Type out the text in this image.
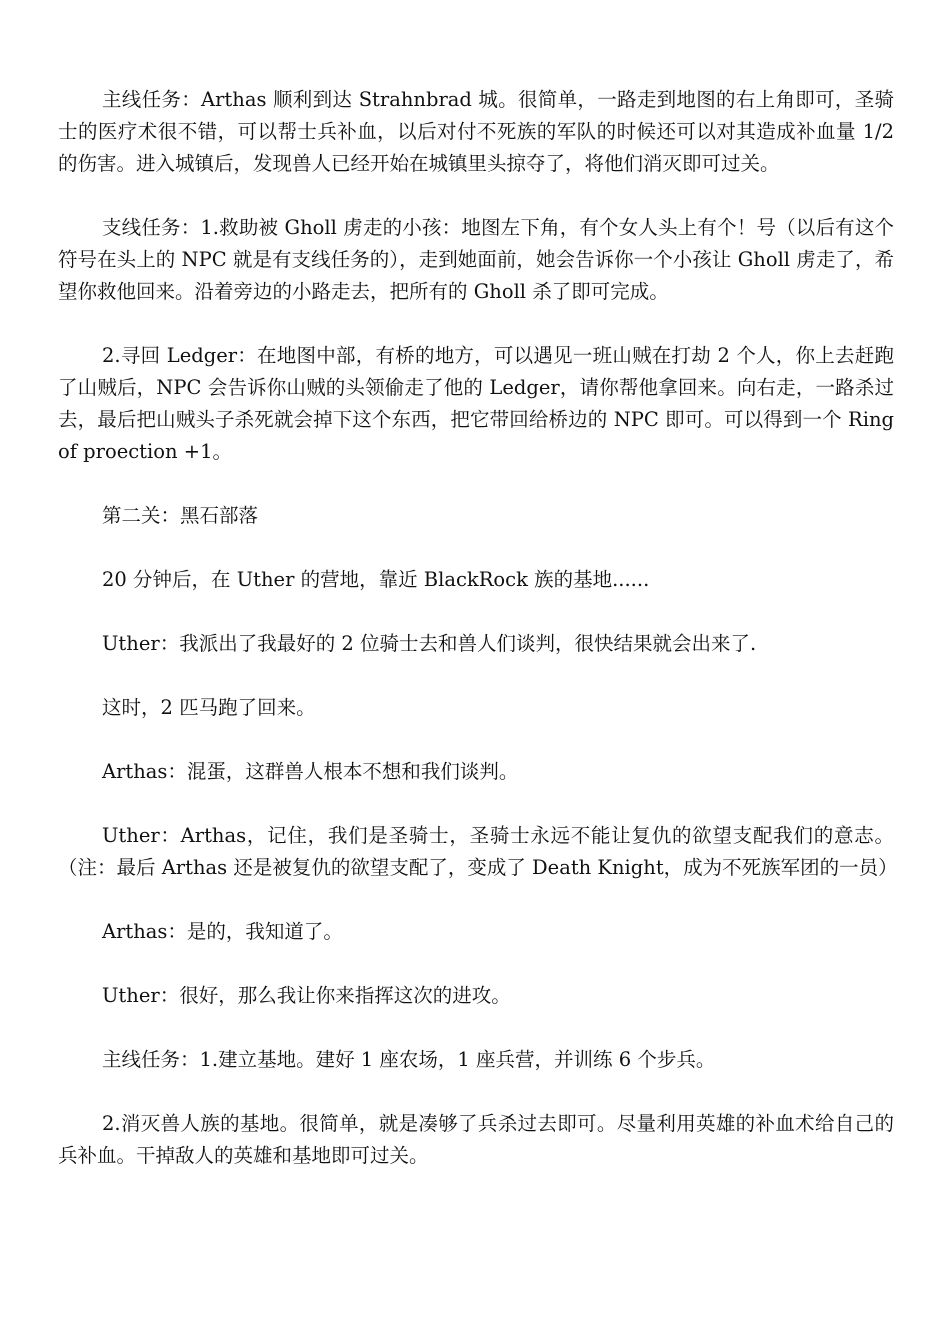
主线任务：Arthas 顺利到达 Strahnbrad 城。很简单，一路走到地图的右上角即可，圣骑士的医疗术很不错，可以帮士兵补血，以后对付不死族的军队的时候还可以对其造成补血量 1/2 的伤害。进入城镇后，发现兽人已经开始在城镇里头掠夺了，将他们消灭即可过关。

支线任务：1.救助被 Gholl 虏走的小孩：地图左下角，有个女人头上有个！号（以后有这个符号在头上的 NPC 就是有支线任务的），走到她面前，她会告诉你一个小孩让 Gholl 虏走了，希望你救他回来。沿着旁边的小路走去，把所有的 Gholl 杀了即可完成。

2.寻回 Ledger：在地图中部，有桥的地方，可以遇见一班山贼在打劫 2 个人，你上去赶跑了山贼后，NPC 会告诉你山贼的头领偷走了他的 Ledger，请你帮他拿回来。向右走，一路杀过去，最后把山贼头子杀死就会掉下这个东西，把它带回给桥边的 NPC 即可。可以得到一个 Ring of proection +1。

第二关：黑石部落

20 分钟后，在 Uther 的营地，靠近 BlackRock 族的基地......

Uther：我派出了我最好的 2 位骑士去和兽人们谈判，很快结果就会出来了.

这时，2 匹马跑了回来。

Arthas：混蛋，这群兽人根本不想和我们谈判。

Uther：Arthas，记住，我们是圣骑士，圣骑士永远不能让复仇的欲望支配我们的意志。（注：最后 Arthas 还是被复仇的欲望支配了，变成了 Death Knight，成为不死族军团的一员）

Arthas：是的，我知道了。

Uther：很好，那么我让你来指挥这次的进攻。

主线任务：1.建立基地。建好 1 座农场，1 座兵营，并训练 6 个步兵。

2.消灭兽人族的基地。很简单，就是凑够了兵杀过去即可。尽量利用英雄的补血术给自己的兵补血。干掉敌人的英雄和基地即可过关。
